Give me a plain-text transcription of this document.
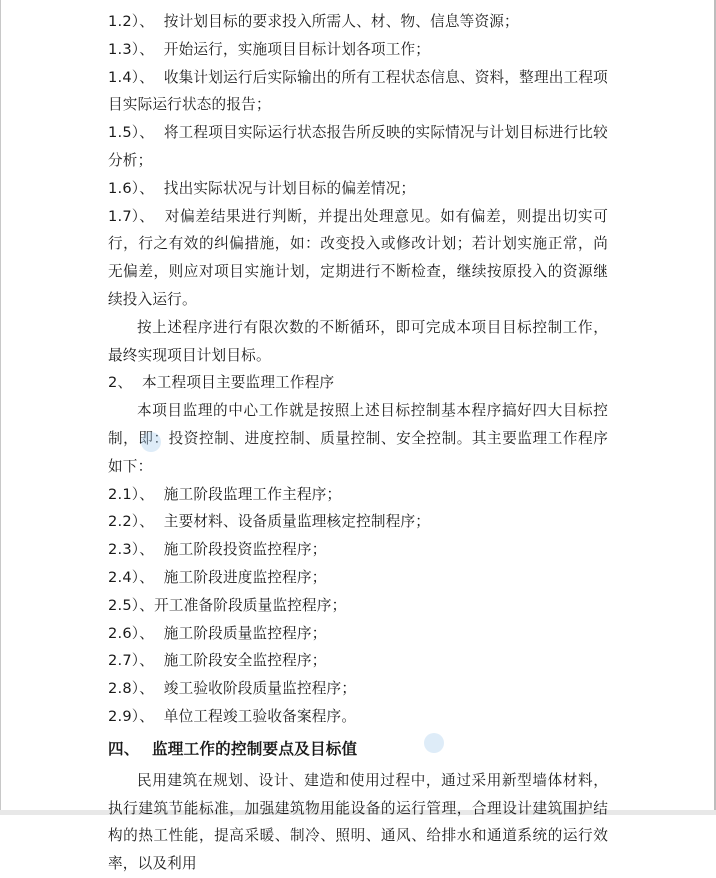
1.2）、 按计划目标的要求投入所需人、材、物、信息等资源；

1.3）、 开始运行，实施项目目标计划各项工作；

1.4）、 收集计划运行后实际输出的所有工程状态信息、资料，整理出工程项目实际运行状态的报告；

1.5）、 将工程项目实际运行状态报告所反映的实际情况与计划目标进行比较分析；

1.6）、 找出实际状况与计划目标的偏差情况；

1.7）、 对偏差结果进行判断，并提出处理意见。如有偏差，则提出切实可行，行之有效的纠偏措施，如：改变投入或修改计划；若计划实施正常，尚无偏差，则应对项目实施计划，定期进行不断检查，继续按原投入的资源继续投入运行。

按上述程序进行有限次数的不断循环，即可完成本项目目标控制工作，最终实现项目计划目标。

2、 本工程项目主要监理工作程序

本项目监理的中心工作就是按照上述目标控制基本程序搞好四大目标控制，即：投资控制、进度控制、质量控制、安全控制。其主要监理工作程序如下：

2.1）、 施工阶段监理工作主程序；

2.2）、 主要材料、设备质量监理核定控制程序；

2.3）、 施工阶段投资监控程序；

2.4）、 施工阶段进度监控程序；

2.5）、开工准备阶段质量监控程序；

2.6）、 施工阶段质量监控程序；

2.7）、 施工阶段安全监控程序；

2.8）、 竣工验收阶段质量监控程序；

2.9）、 单位工程竣工验收备案程序。

四、 监理工作的控制要点及目标值

民用建筑在规划、设计、建造和使用过程中，通过采用新型墙体材料，执行建筑节能标准，加强建筑物用能设备的运行管理，合理设计建筑围护结构的热工性能，提高采暖、制冷、照明、通风、给排水和通道系统的运行效率，以及利用
